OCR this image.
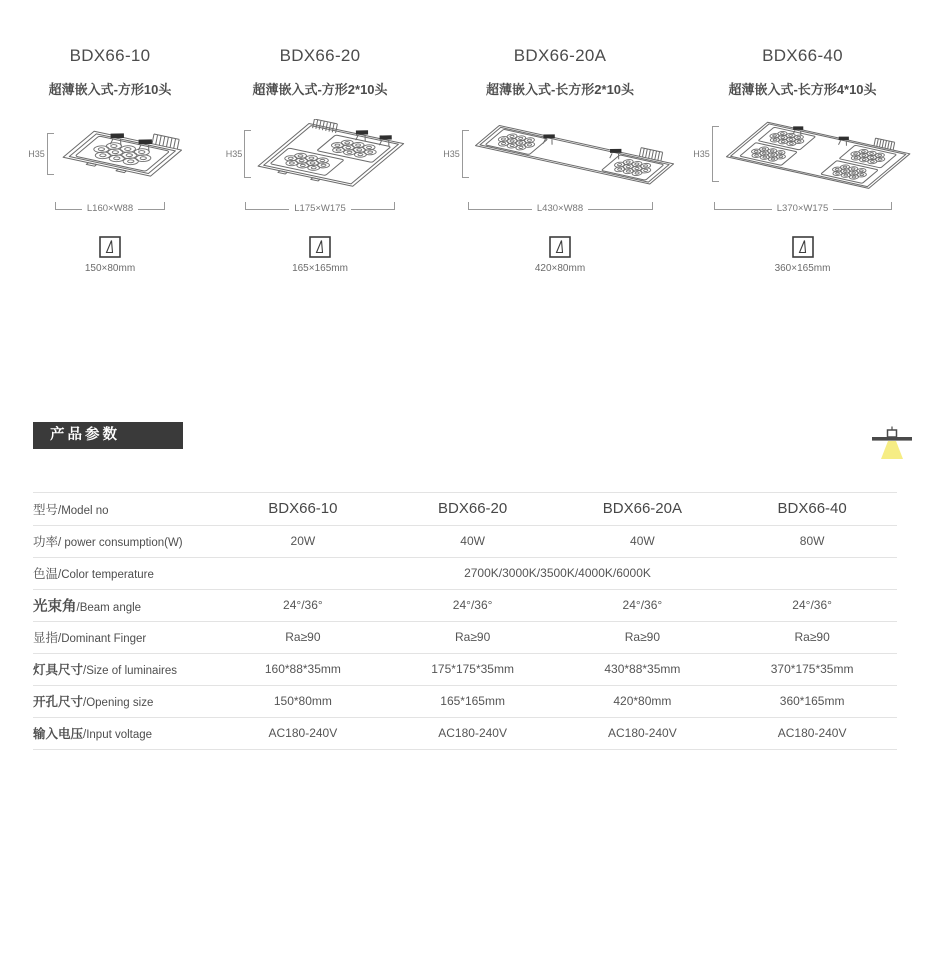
BDX66-10
超薄嵌入式-方形10头
H35
L160×W88
150×80mm
BDX66-20
超薄嵌入式-方形2*10头
H35
L175×W175
165×165mm
BDX66-20A
超薄嵌入式-长方形2*10头
H35
L430×W88
420×80mm
BDX66-40
超薄嵌入式-长方形4*10头
H35
L370×W175
360×165mm
产品参数
型号/Model no	BDX66-10	BDX66-20	BDX66-20A	BDX66-40
功率/ power consumption(W)	20W	40W	40W	80W
色温/Color temperature	2700K/3000K/3500K/4000K/6000K
光束角/Beam angle	24°/36°	24°/36°	24°/36°	24°/36°
显指/Dominant Finger	Ra≥90	Ra≥90	Ra≥90	Ra≥90
灯具尺寸/Size of luminaires	160*88*35mm	175*175*35mm	430*88*35mm	370*175*35mm
开孔尺寸/Opening size	150*80mm	165*165mm	420*80mm	360*165mm
输入电压/Input voltage	AC180-240V	AC180-240V	AC180-240V	AC180-240V
